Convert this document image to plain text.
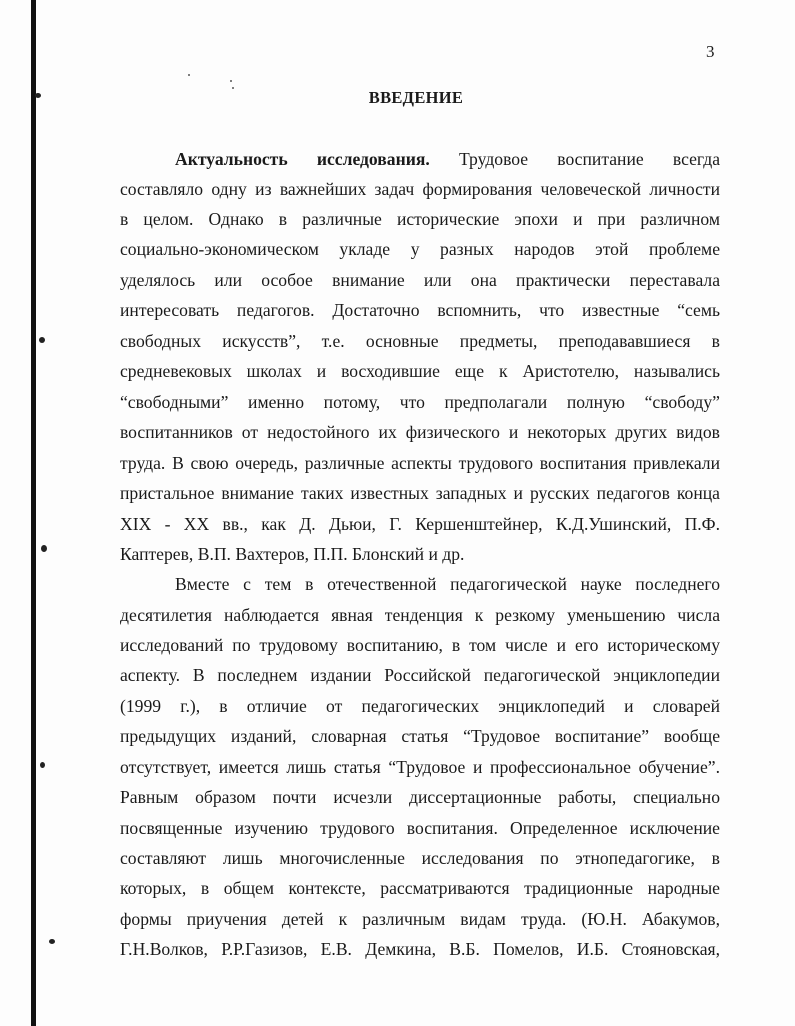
3
ВВЕДЕНИЕ
Актуальность исследования. Трудовое воспитание всегда
составляло одну из важнейших задач формирования человеческой личности
в целом. Однако в различные исторические эпохи и при различном
социально-экономическом укладе у разных народов этой проблеме
уделялось или особое внимание или она практически переставала
интересовать педагогов. Достаточно вспомнить, что известные “семь
свободных искусств”, т.е. основные предметы, преподававшиеся в
средневековых школах и восходившие еще к Аристотелю, назывались
“свободными” именно потому, что предполагали полную “свободу”
воспитанников от недостойного их физического и некоторых других видов
труда. В свою очередь, различные аспекты трудового воспитания привлекали
пристальное внимание таких известных западных и русских педагогов конца
XIX - XX вв., как Д. Дьюи, Г. Кершенштейнер, К.Д.Ушинский, П.Ф.
Каптерев, В.П. Вахтеров, П.П. Блонский и др.
Вместе с тем в отечественной педагогической науке последнего
десятилетия наблюдается явная тенденция к резкому уменьшению числа
исследований по трудовому воспитанию, в том числе и его историческому
аспекту. В последнем издании Российской педагогической энциклопедии
(1999 г.), в отличие от педагогических энциклопедий и словарей
предыдущих изданий, словарная статья “Трудовое воспитание” вообще
отсутствует, имеется лишь статья “Трудовое и профессиональное обучение”.
Равным образом почти исчезли диссертационные работы, специально
посвященные изучению трудового воспитания. Определенное исключение
составляют лишь многочисленные исследования по этнопедагогике, в
которых, в общем контексте, рассматриваются традиционные народные
формы приучения детей к различным видам труда. (Ю.Н. Абакумов,
Г.Н.Волков, Р.Р.Газизов, Е.В. Демкина, В.Б. Помелов, И.Б. Стояновская,
